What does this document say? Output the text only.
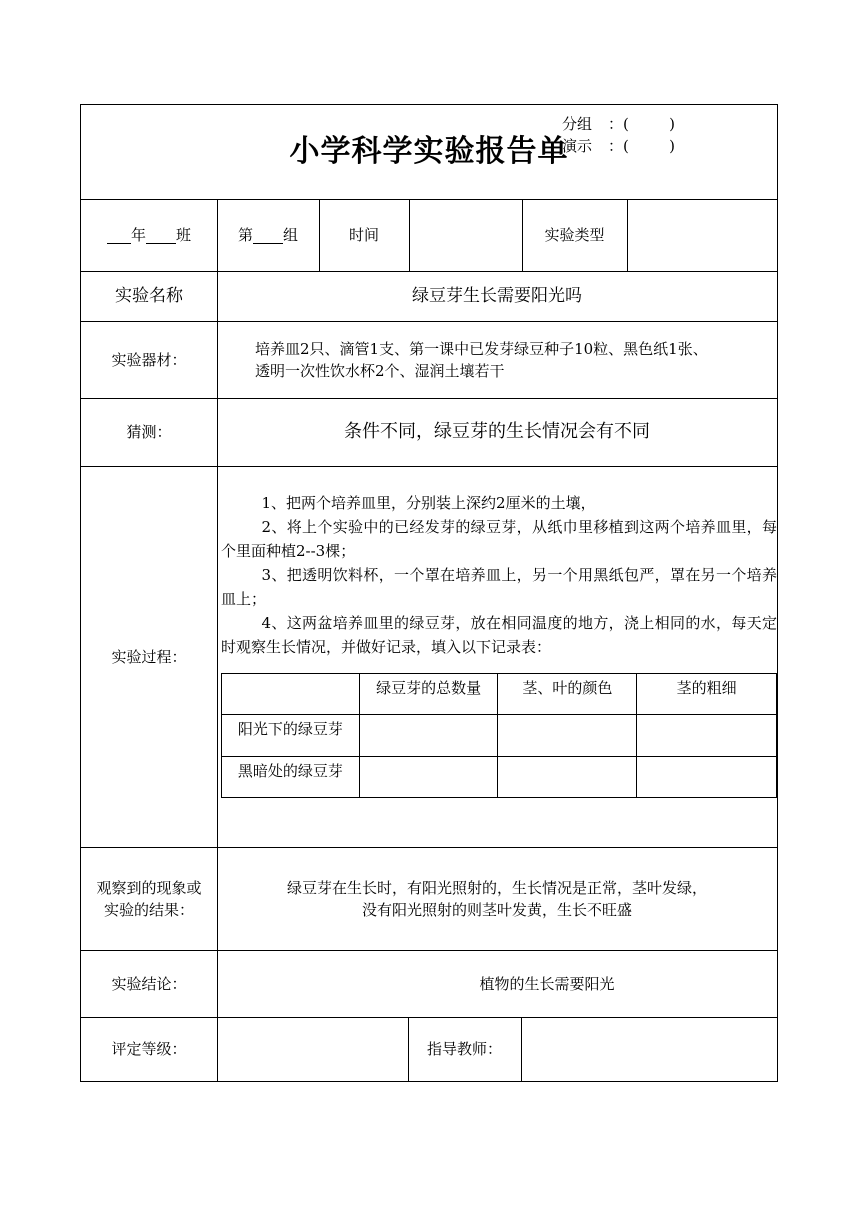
小学科学实验报告单
年 班	第 组	时间	实验类型
实验名称	绿豆芽生长需要阳光吗
实验器材：
培养皿2只、滴管1支、第一课中已发芽绿豆种子10粒、黑色纸1张、
透明一次性饮水杯2个、湿润土壤若干
猜测：	条件不同，绿豆芽的生长情况会有不同
实验过程：

1、把两个培养皿里，分别装上深约2厘米的土壤，

2、将上个实验中的已经发芽的绿豆芽，从纸巾里移植到这两个培养皿里，每个里面种植2--3棵；

3、把透明饮料杯，一个罩在培养皿上，另一个用黑纸包严，罩在另一个培养皿上；

4、这两盆培养皿里的绿豆芽，放在相同温度的地方，浇上相同的水，每天定时观察生长情况，并做好记录，填入以下记录表：

	绿豆芽的总数量	茎、叶的颜色	茎的粗细
阳光下的绿豆芽			
黑暗处的绿豆芽			
观察到的现象或
实验的结果：
绿豆芽在生长时，有阳光照射的，生长情况是正常，茎叶发绿，
没有阳光照射的则茎叶发黄，生长不旺盛
实验结论：	植物的生长需要阳光
评定等级：	指导教师：
分组	： (	)
演示	： (	)
